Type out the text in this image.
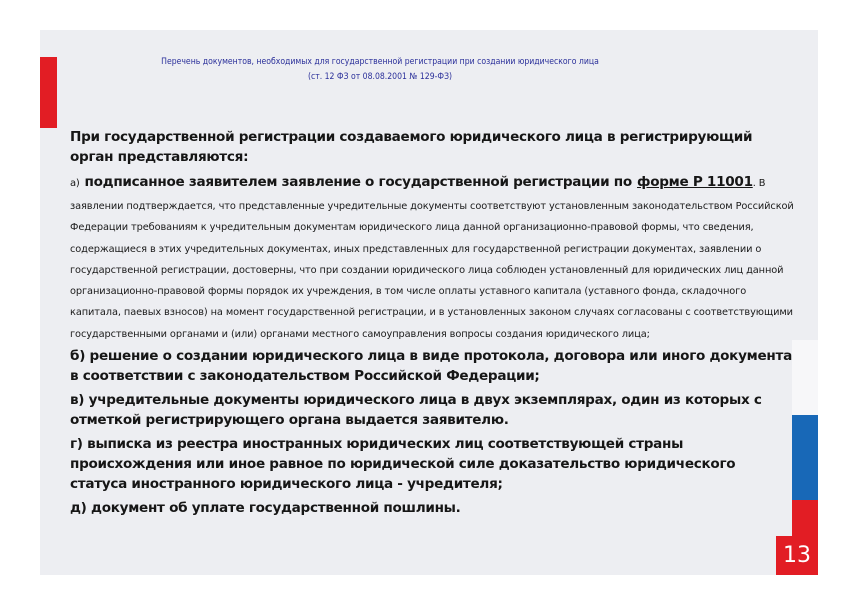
Перечень документов, необходимых для государственной регистрации при создании юридического лица
(ст. 12 ФЗ от 08.08.2001 № 129-ФЗ)

При государственной регистрации создаваемого юридического лица в регистрирующий орган представляются:

а) подписанное заявителем заявление о государственной регистрации по форме Р 11001. В
заявлении подтверждается, что представленные учредительные документы соответствуют установленным законодательством Российской Федерации требованиям к учредительным документам юридического лица данной организационно-правовой формы, что сведения, содержащиеся в этих учредительных документах, иных представленных для государственной регистрации документах, заявлении о государственной регистрации, достоверны, что при создании юридического лица соблюден установленный для юридических лиц данной организационно-правовой формы порядок их учреждения, в том числе оплаты уставного капитала (уставного фонда, складочного капитала, паевых взносов) на момент государственной регистрации, и в установленных законом случаях согласованы с соответствующими государственными органами и (или) органами местного самоуправления вопросы создания юридического лица;

б) решение о создании юридического лица в виде протокола, договора или иного документа в соответствии с законодательством Российской Федерации;

в) учредительные документы юридического лица в двух экземплярах, один из которых с отметкой регистрирующего органа выдается заявителю.

г) выписка из реестра иностранных юридических лиц соответствующей страны происхождения или иное равное по юридической силе доказательство юридического статуса иностранного юридического лица - учредителя;

д) документ об уплате государственной пошлины.

13
